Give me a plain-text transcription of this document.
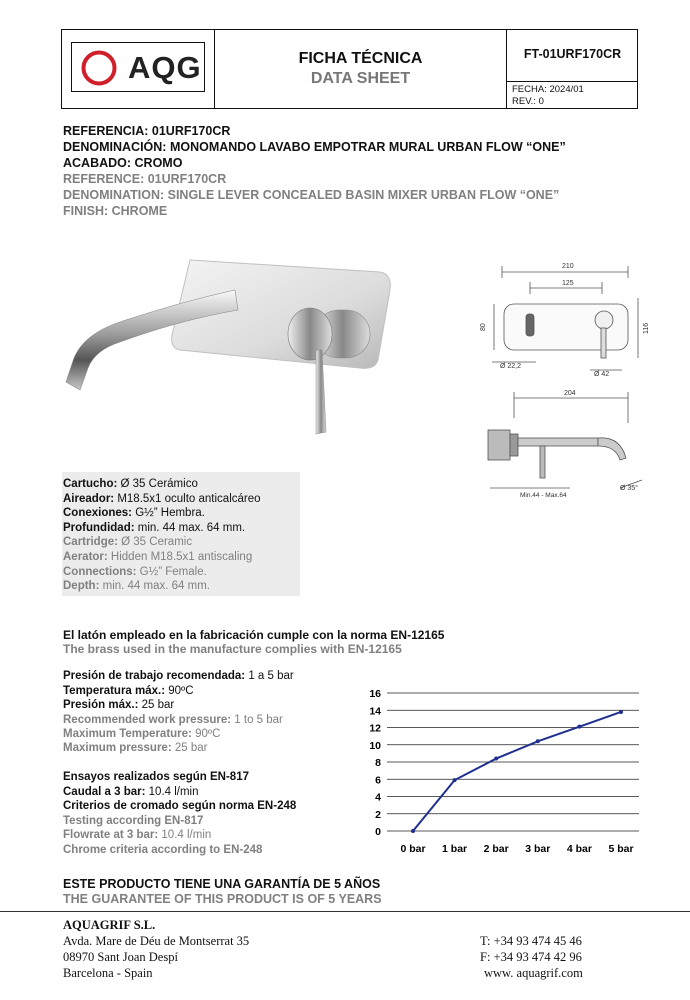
AQG	FICHA TÉCNICA
DATA SHEET
FT-01URF170CR
FECHA: 2024/01
REV.: 0
REFERENCIA: 01URF170CR
DENOMINACIÓN: MONOMANDO LAVABO EMPOTRAR MURAL URBAN FLOW “ONE”
ACABADO: CROMO
REFERENCE: 01URF170CR
DENOMINATION: SINGLE LEVER CONCEALED BASIN MIXER URBAN FLOW “ONE”
FINISH: CHROME
210
125
80	116
Ø 22,2
Ø 42
204
Min.44 - Max.64
Ø 35°
Cartucho: Ø 35 Cerámico
Aireador: M18.5x1 oculto anticalcáreo
Conexiones: G½” Hembra.
Profundidad: min. 44 max. 64 mm.
Cartridge: Ø 35 Ceramic
Aerator: Hidden M18.5x1 antiscaling
Connections: G½” Female.
Depth: min. 44 max. 64 mm.
El latón empleado en la fabricación cumple con la norma EN-12165
The brass used in the manufacture complies with EN-12165
Presión de trabajo recomendada: 1 a 5 bar
Temperatura máx.: 90ºC
Presión máx.: 25 bar
Recommended work pressure: 1 to 5 bar
Maximum Temperature: 90ºC
Maximum pressure: 25 bar
Ensayos realizados según EN-817
Caudal a 3 bar: 10.4 l/min
Criterios de cromado según norma EN-248
Testing according EN-817
Flowrate at 3 bar: 10.4 l/min
Chrome criteria according to EN-248
0
2
4
6
8
10
12
14
16
0 bar 1 bar 2 bar 3 bar 4 bar 5 bar
ESTE PRODUCTO TIENE UNA GARANTÍA DE 5 AÑOS
THE GUARANTEE OF THIS PRODUCT IS OF 5 YEARS
AQUAGRIF S.L.
Avda. Mare de Déu de Montserrat 35
08970 Sant Joan Despí
Barcelona - Spain
T: +34 93 474 45 46
F: +34 93 474 42 96
www. aquagrif.com
